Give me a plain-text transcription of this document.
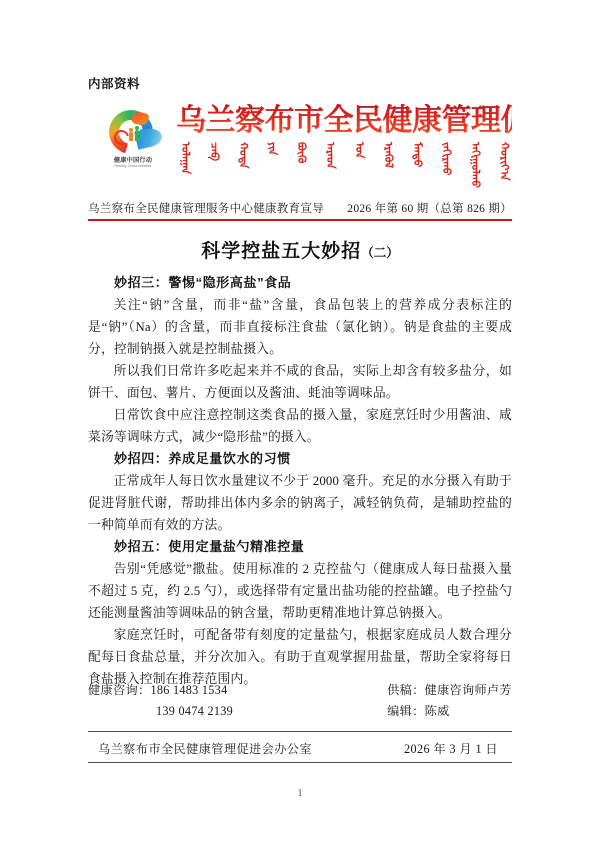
内部资料
健康中国行动
Healthy China Initiative
乌兰察布市全民健康管理促进会
ᠤᠯᠠᠭᠠᠨ ᠴᠠᠪ ᠬᠣᠲᠠ ᠶᠢᠨ ᠪᠦᠬᠦ ᠠᠷᠠᠳ ᠤᠨ ᠡᠷᠡᠭᠦᠯ ᠮᠡᠨᠳᠦ ᠵᠠᠬᠢᠷᠬᠤ ᠠᠬᠢᠭᠤᠯᠬᠤ ᠬᠣᠷᠢᠶ᠎ᠠ
乌兰察布全民健康管理服务中心健康教育宣导 2026 年第 60 期（总第 826 期）
科学控盐五大妙招（二）

妙招三：警惕“隐形高盐”食品

关注“钠”含量，而非“盐”含量，食品包装上的营养成分表标注的是“钠”（Na）的含量，而非直接标注食盐（氯化钠）。钠是食盐的主要成分，控制钠摄入就是控制盐摄入。

所以我们日常许多吃起来并不咸的食品，实际上却含有较多盐分，如饼干、面包、薯片、方便面以及酱油、蚝油等调味品。

日常饮食中应注意控制这类食品的摄入量，家庭烹饪时少用酱油、咸菜汤等调味方式，减少“隐形盐”的摄入。

妙招四：养成足量饮水的习惯

正常成年人每日饮水量建议不少于 2000 毫升。充足的水分摄入有助于促进肾脏代谢，帮助排出体内多余的钠离子，减轻钠负荷，是辅助控盐的一种简单而有效的方法。

妙招五：使用定量盐勺精准控量

告别“凭感觉”撒盐。使用标准的 2 克控盐勺（健康成人每日盐摄入量不超过 5 克，约 2.5 勺），或选择带有定量出盐功能的控盐罐。电子控盐勺还能测量酱油等调味品的钠含量，帮助更精准地计算总钠摄入。

家庭烹饪时，可配备带有刻度的定量盐勺，根据家庭成员人数合理分配每日食盐总量，并分次加入。有助于直观掌握用盐量，帮助全家将每日食盐摄入控制在推荐范围内。

健康咨询：186 1483 1534
139 0474 2139
供稿：健康咨询师卢芳
编辑：陈威
乌兰察布市全民健康管理促进会办公室	2026 年 3 月 1 日
1
